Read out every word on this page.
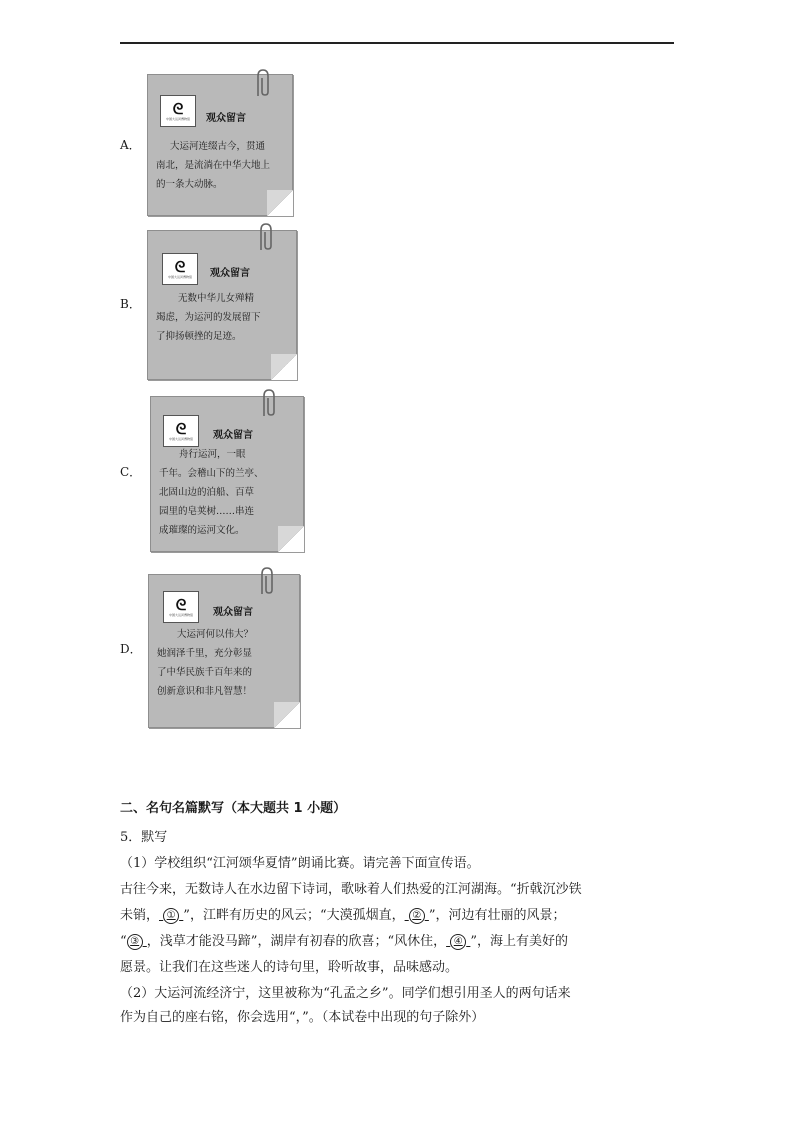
A．
ᘓ
中国大运河博物馆 观众留言
大运河连缀古今，贯通
南北，是流淌在中华大地上
的一条大动脉。
B．
ᘓ
中国大运河博物馆 观众留言
无数中华儿女殚精
竭虑，为运河的发展留下
了抑扬顿挫的足迹。
C．
ᘓ
中国大运河博物馆 观众留言
舟行运河，一眼
千年。会稽山下的兰亭、
北固山边的泊船、百草
园里的皂荚树……串连
成璀璨的运河文化。
D．
ᘓ
中国大运河博物馆 观众留言
大运河何以伟大？
她润泽千里，充分彰显
了中华民族千百年来的
创新意识和非凡智慧！
二、名句名篇默写（本大题共 1 小题）
5．默写
（1）学校组织“江河颂华夏情”朗诵比赛。请完善下面宣传语。
古往今来，无数诗人在水边留下诗词，歌咏着人们热爱的江河湖海。“折戟沉沙铁
未销， ① ”，江畔有历史的风云；“大漠孤烟直， ② ”，河边有壮丽的风景；
“ ③ ，浅草才能没马蹄”，湖岸有初春的欣喜；“风休住， ④ ”，海上有美好的
愿景。让我们在这些迷人的诗句里，聆听故事，品味感动。
（2）大运河流经济宁，这里被称为“孔孟之乡”。同学们想引用圣人的两句话来
作为自己的座右铭，你会选用“，”。（本试卷中出现的句子除外）
